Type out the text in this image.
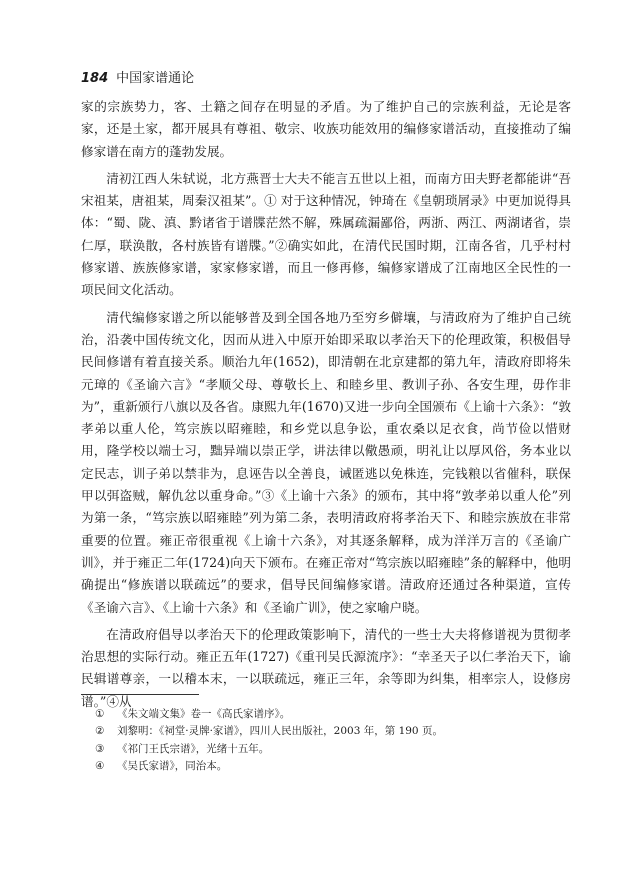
184 中国家谱通论

家的宗族势力，客、土籍之间存在明显的矛盾。为了维护自己的宗族利益，无论是客家，还是土家，都开展具有尊祖、敬宗、收族功能效用的编修家谱活动，直接推动了编修家谱在南方的蓬勃发展。

清初江西人朱轼说，北方燕晋士大夫不能言五世以上祖，而南方田夫野老都能讲“吾宋祖某，唐祖某，周秦汉祖某”。① 对于这种情况，钟琦在《皇朝琐屑录》中更加说得具体：“蜀、陇、滇、黔诸省于谱牒茫然不解，殊属疏漏鄙俗，两浙、两江、两湖诸省，崇仁厚，联涣散，各村族皆有谱牒。”②确实如此，在清代民国时期，江南各省，几乎村村修家谱、族族修家谱，家家修家谱，而且一修再修，编修家谱成了江南地区全民性的一项民间文化活动。

清代编修家谱之所以能够普及到全国各地乃至穷乡僻壤，与清政府为了维护自己统治，沿袭中国传统文化，因而从进入中原开始即采取以孝治天下的伦理政策，积极倡导民间修谱有着直接关系。顺治九年(1652)，即清朝在北京建都的第九年，清政府即将朱元璋的《圣谕六言》“孝顺父母、尊敬长上、和睦乡里、教训子孙、各安生理，毋作非为”，重新颁行八旗以及各省。康熙九年(1670)又进一步向全国颁布《上谕十六条》：“敦孝弟以重人伦，笃宗族以昭雍睦，和乡党以息争讼，重农桑以足衣食，尚节俭以惜财用，隆学校以端士习，黜异端以崇正学，讲法律以儆愚顽，明礼让以厚风俗，务本业以定民志，训子弟以禁非为，息诬告以全善良，诫匿逃以免株连，完钱粮以省催科，联保甲以弭盗贼，解仇忿以重身命。”③《上谕十六条》的颁布，其中将“敦孝弟以重人伦”列为第一条，“笃宗族以昭雍睦”列为第二条，表明清政府将孝治天下、和睦宗族放在非常重要的位置。雍正帝很重视《上谕十六条》，对其逐条解释，成为洋洋万言的《圣谕广训》，并于雍正二年(1724)向天下颁布。在雍正帝对“笃宗族以昭雍睦”条的解释中，他明确提出“修族谱以联疏远”的要求，倡导民间编修家谱。清政府还通过各种渠道，宣传《圣谕六言》、《上谕十六条》和《圣谕广训》，使之家喻户晓。

在清政府倡导以孝治天下的伦理政策影响下，清代的一些士大夫将修谱视为贯彻孝治思想的实际行动。雍正五年(1727)《重刊吴氏源流序》：“幸圣天子以仁孝治天下，谕民辑谱尊亲，一以稽本末，一以联疏远，雍正三年，余等即为纠集，相率宗人，设修房谱。”④从

①	《朱文端文集》卷一《高氏家谱序》。
②	刘黎明：《祠堂·灵牌·家谱》，四川人民出版社，2003 年，第 190 页。
③	《祁门王氏宗谱》，光绪十五年。
④	《吴氏家谱》，同治本。
